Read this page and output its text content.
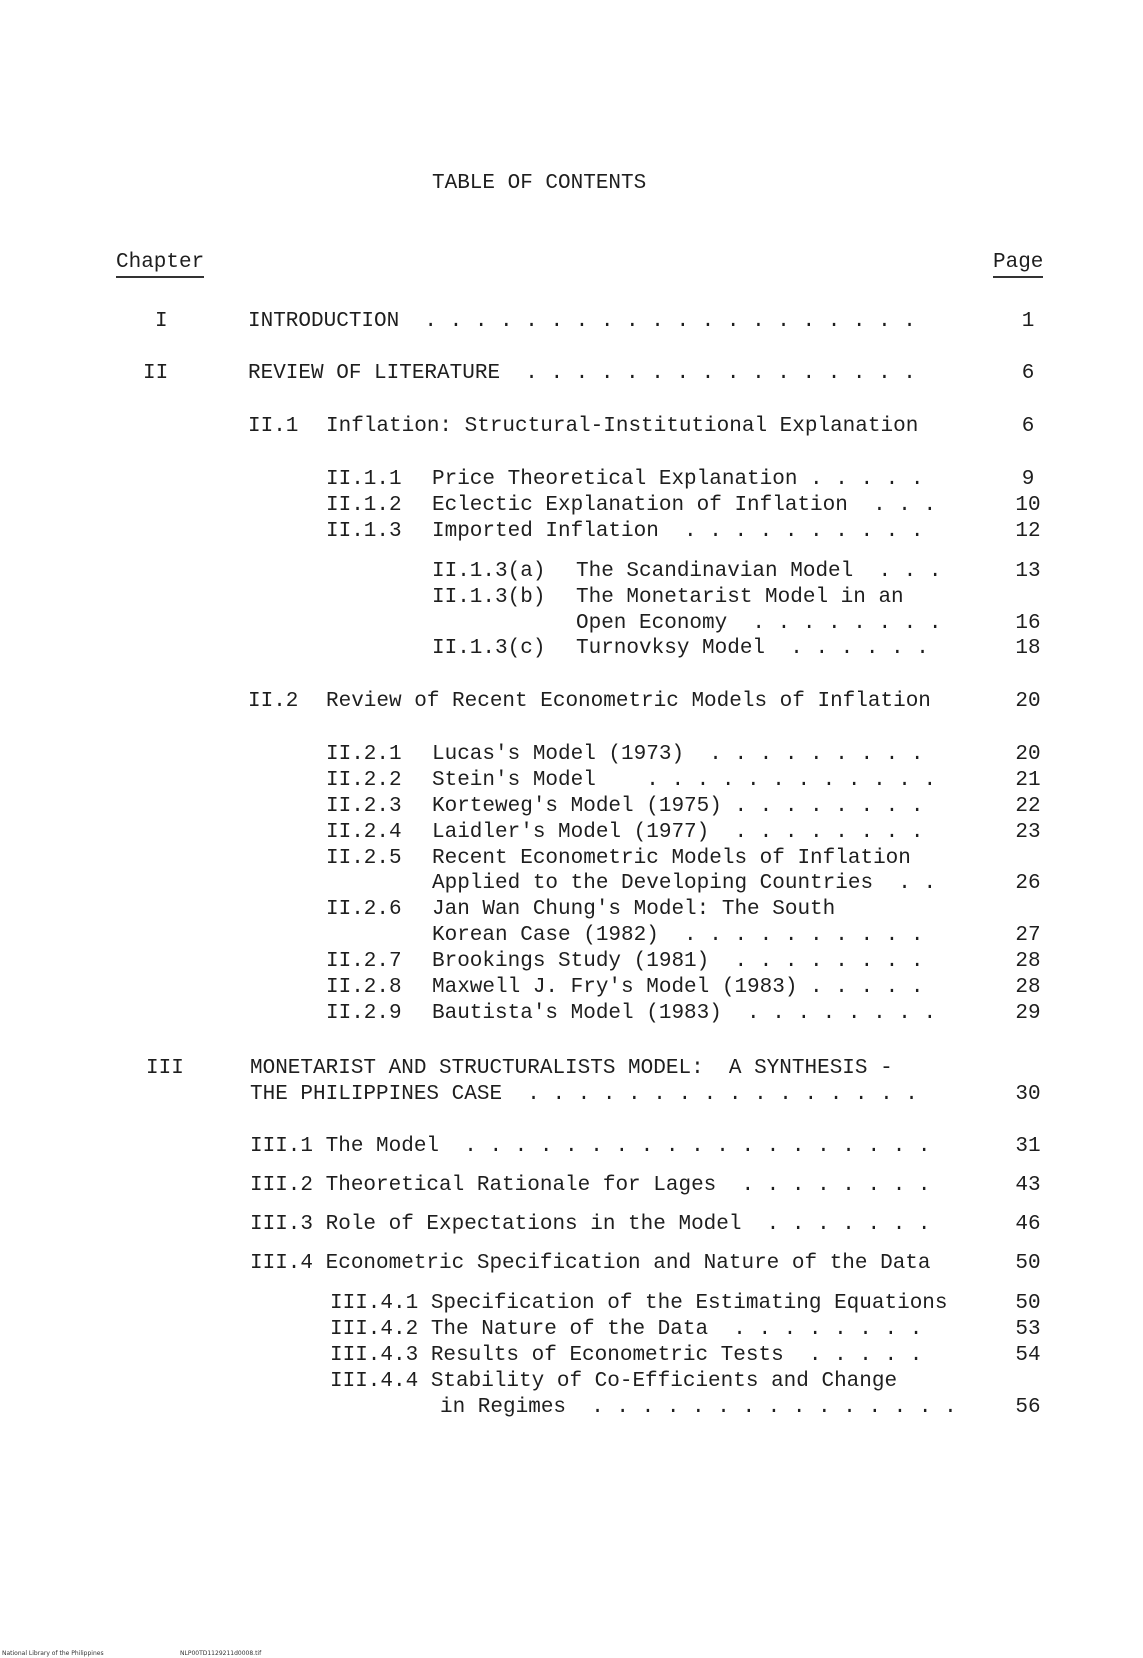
TABLE OF CONTENTS
Chapter	Page
I	INTRODUCTION  . . . . . . . . . . . . . . . . . . . .	1
II	REVIEW OF LITERATURE  . . . . . . . . . . . . . . . .	6
II.1 Inflation: Structural-Institutional Explanation	6
II.1.1 Price Theoretical Explanation . . . . .	9
II.1.2 Eclectic Explanation of Inflation  . . .	10
II.1.3 Imported Inflation  . . . . . . . . . .	12
II.1.3(a) The Scandinavian Model  . . .	13
II.1.3(b) The Monetarist Model in an
Open Economy  . . . . . . . .	16
II.1.3(c) Turnovksy Model  . . . . . .	18
II.2 Review of Recent Econometric Models of Inflation	20
II.2.1 Lucas's Model (1973)  . . . . . . . . .	20
II.2.2 Stein's Model    . . . . . . . . . . . .	21
II.2.3 Korteweg's Model (1975) . . . . . . . .	22
II.2.4 Laidler's Model (1977)  . . . . . . . .	23
II.2.5 Recent Econometric Models of Inflation
Applied to the Developing Countries  . .	26
II.2.6 Jan Wan Chung's Model: The South
Korean Case (1982)  . . . . . . . . . .	27
II.2.7 Brookings Study (1981)  . . . . . . . .	28
II.2.8 Maxwell J. Fry's Model (1983) . . . . .	28
II.2.9 Bautista's Model (1983)  . . . . . . . .	29
III	MONETARIST AND STRUCTURALISTS MODEL:  A SYNTHESIS -
THE PHILIPPINES CASE  . . . . . . . . . . . . . . . .	30
III.1 The Model  . . . . . . . . . . . . . . . . . . .	31
III.2 Theoretical Rationale for Lages  . . . . . . . .	43
III.3 Role of Expectations in the Model  . . . . . . .	46
III.4 Econometric Specification and Nature of the Data	50
III.4.1 Specification of the Estimating Equations	50
III.4.2 The Nature of the Data  . . . . . . . .	53
III.4.3 Results of Econometric Tests  . . . . .	54
III.4.4 Stability of Co-Efficients and Change
in Regimes  . . . . . . . . . . . . . . .	56
National Library of the Philippines	NLP00TD1129211d0008.tif
